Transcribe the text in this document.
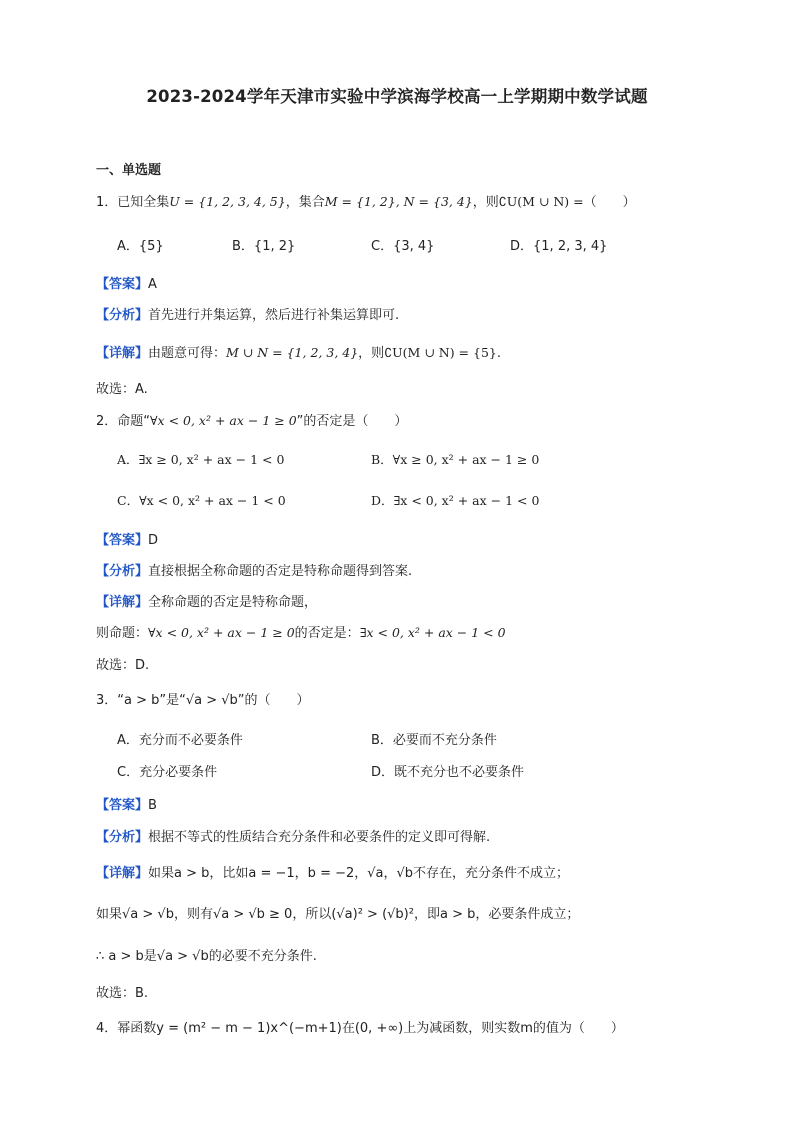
2023-2024学年天津市实验中学滨海学校高一上学期期中数学试题
一、单选题
1．已知全集U = {1, 2, 3, 4, 5}，集合M = {1, 2}, N = {3, 4}，则∁U(M ∪ N) =（　　）
A．{5}	B．{1, 2}	C．{3, 4}	D．{1, 2, 3, 4}
【答案】A
【分析】首先进行并集运算，然后进行补集运算即可.
【详解】由题意可得：M ∪ N = {1, 2, 3, 4}，则∁U(M ∪ N) = {5}.
故选：A.
2．命题“∀x < 0, x² + ax − 1 ≥ 0”的否定是（　　）
A．∃x ≥ 0, x² + ax − 1 < 0	B．∀x ≥ 0, x² + ax − 1 ≥ 0
C．∀x < 0, x² + ax − 1 < 0	D．∃x < 0, x² + ax − 1 < 0
【答案】D
【分析】直接根据全称命题的否定是特称命题得到答案.
【详解】全称命题的否定是特称命题，
则命题：∀x < 0, x² + ax − 1 ≥ 0的否定是：∃x < 0, x² + ax − 1 < 0
故选：D.
3．“a > b”是“√a > √b”的（　　）
A．充分而不必要条件	B．必要而不充分条件
C．充分必要条件	D．既不充分也不必要条件
【答案】B
【分析】根据不等式的性质结合充分条件和必要条件的定义即可得解.
【详解】如果a > b，比如a = −1，b = −2，√a，√b不存在，充分条件不成立；
如果√a > √b，则有√a > √b ≥ 0，所以(√a)² > (√b)²，即a > b，必要条件成立；
∴ a > b是√a > √b的必要不充分条件.
故选：B.
4．幂函数y = (m² − m − 1)x^(−m+1)在(0, +∞)上为减函数，则实数m的值为（　　）
